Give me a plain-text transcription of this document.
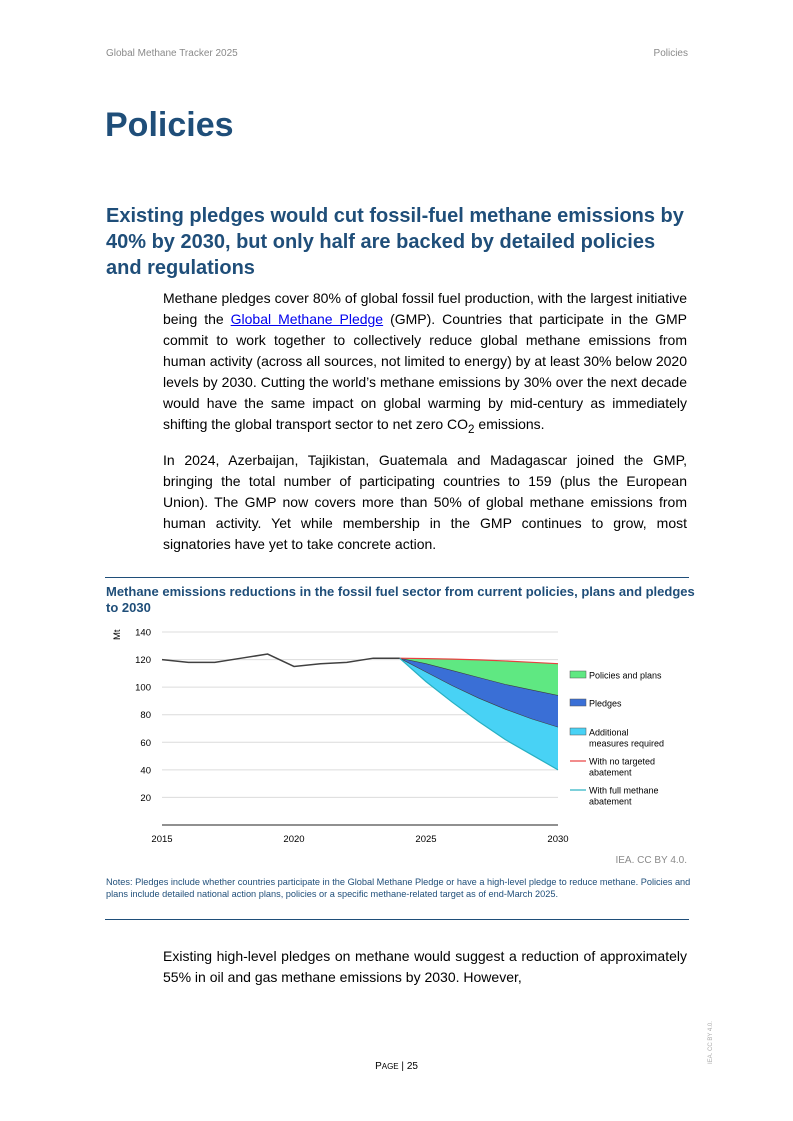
Global Methane Tracker 2025	Policies
Policies
Existing pledges would cut fossil-fuel methane emissions by 40% by 2030, but only half are backed by detailed policies and regulations

Methane pledges cover 80% of global fossil fuel production, with the largest initiative being the Global Methane Pledge (GMP). Countries that participate in the GMP commit to work together to collectively reduce global methane emissions from human activity (across all sources, not limited to energy) by at least 30% below 2020 levels by 2030. Cutting the world’s methane emissions by 30% over the next decade would have the same impact on global warming by mid-century as immediately shifting the global transport sector to net zero $CO_2$ emissions.

In 2024, Azerbaijan, Tajikistan, Guatemala and Madagascar joined the GMP, bringing the total number of participating countries to 159 (plus the European Union). The GMP now covers more than 50% of global methane emissions from human activity. Yet while membership in the GMP continues to grow, most signatories have yet to take concrete action.

Methane emissions reductions in the fossil fuel sector from current policies, plans and pledges to 2030
20
40
60
80
100
120
140
2015	2020	2025	2030
Mt
Policies and plans
Pledges
Additional measures required
With no targeted abatement
With full methane abatement
IEA. CC BY 4.0.

Notes: Pledges include whether countries participate in the Global Methane Pledge or have a high-level pledge to reduce methane. Policies and plans include detailed national action plans, policies or a specific methane-related target as of end-March 2025.

Existing high-level pledges on methane would suggest a reduction of approximately 55% in oil and gas methane emissions by 2030. However,

PAGE | 25
IEA. CC BY 4.0.
